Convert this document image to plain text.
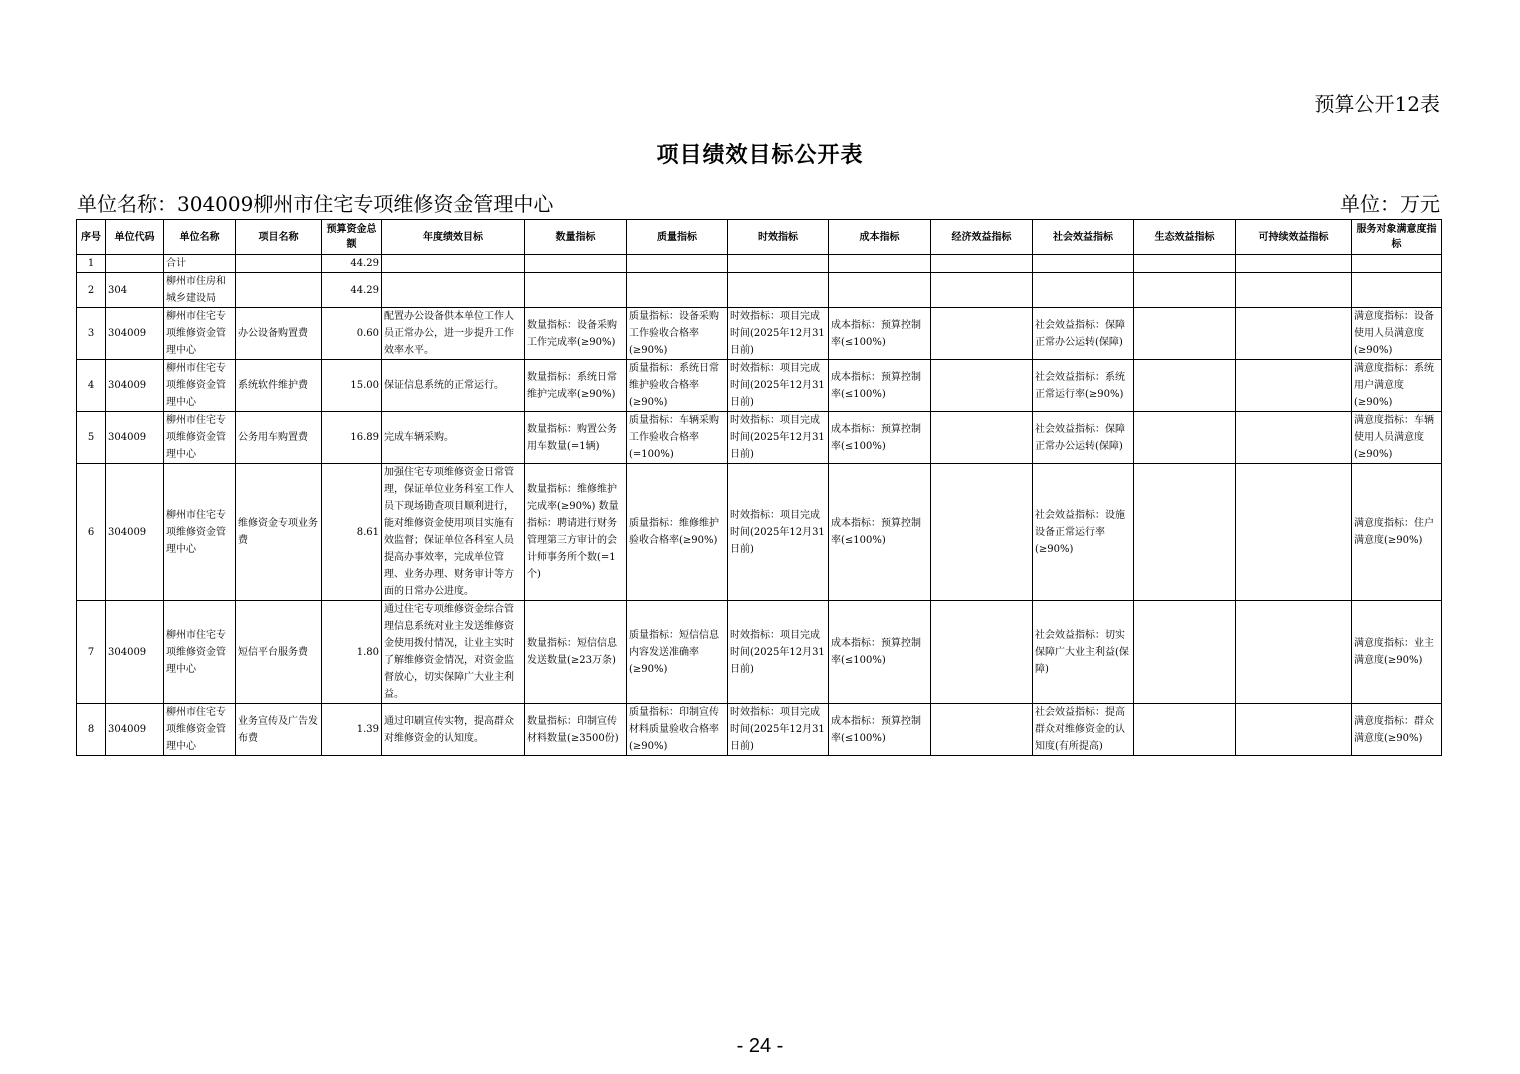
预算公开12表
项目绩效目标公开表
单位名称：304009柳州市住宅专项维修资金管理中心	单位：万元
序号	单位代码	单位名称	项目名称	预算资金总额	年度绩效目标	数量指标	质量指标	时效指标	成本指标	经济效益指标	社会效益指标	生态效益指标	可持续效益指标	服务对象满意度指标
1		合计		44.29										
2	304	柳州市住房和城乡建设局		44.29										
3	304009	柳州市住宅专项维修资金管理中心	办公设备购置费	0.60	配置办公设备供本单位工作人员正常办公，进一步提升工作效率水平。	数量指标：设备采购工作完成率(≥90%)	质量指标：设备采购工作验收合格率(≥90%)	时效指标：项目完成时间(2025年12月31日前)	成本指标：预算控制率(≤100%)		社会效益指标：保障正常办公运转(保障)			满意度指标：设备使用人员满意度(≥90%)
4	304009	柳州市住宅专项维修资金管理中心	系统软件维护费	15.00	保证信息系统的正常运行。	数量指标：系统日常维护完成率(≥90%)	质量指标：系统日常维护验收合格率(≥90%)	时效指标：项目完成时间(2025年12月31日前)	成本指标：预算控制率(≤100%)		社会效益指标：系统正常运行率(≥90%)			满意度指标：系统用户满意度(≥90%)
5	304009	柳州市住宅专项维修资金管理中心	公务用车购置费	16.89	完成车辆采购。	数量指标：购置公务用车数量(=1辆)	质量指标：车辆采购工作验收合格率(=100%)	时效指标：项目完成时间(2025年12月31日前)	成本指标：预算控制率(≤100%)		社会效益指标：保障正常办公运转(保障)			满意度指标：车辆使用人员满意度(≥90%)
6	304009	柳州市住宅专项维修资金管理中心	维修资金专项业务费	8.61	加强住宅专项维修资金日常管理，保证单位业务科室工作人员下现场勘查项目顺利进行，能对维修资金使用项目实施有效监督；保证单位各科室人员提高办事效率，完成单位管理、业务办理、财务审计等方面的日常办公进度。	数量指标：维修维护完成率(≥90%) 数量指标：聘请进行财务管理第三方审计的会计师事务所个数(=1个)	质量指标：维修维护验收合格率(≥90%)	时效指标：项目完成时间(2025年12月31日前)	成本指标：预算控制率(≤100%)		社会效益指标：设施设备正常运行率(≥90%)			满意度指标：住户满意度(≥90%)
7	304009	柳州市住宅专项维修资金管理中心	短信平台服务费	1.80	通过住宅专项维修资金综合管理信息系统对业主发送维修资金使用拨付情况，让业主实时了解维修资金情况，对资金监督放心，切实保障广大业主利益。	数量指标：短信信息发送数量(≥23万条)	质量指标：短信信息内容发送准确率(≥90%)	时效指标：项目完成时间(2025年12月31日前)	成本指标：预算控制率(≤100%)		社会效益指标：切实保障广大业主利益(保障)			满意度指标：业主满意度(≥90%)
8	304009	柳州市住宅专项维修资金管理中心	业务宣传及广告发布费	1.39	通过印刷宣传实物，提高群众对维修资金的认知度。	数量指标：印制宣传材料数量(≥3500份)	质量指标：印制宣传材料质量验收合格率(≥90%)	时效指标：项目完成时间(2025年12月31日前)	成本指标：预算控制率(≤100%)		社会效益指标：提高群众对维修资金的认知度(有所提高)			满意度指标：群众满意度(≥90%)
- 24 -
